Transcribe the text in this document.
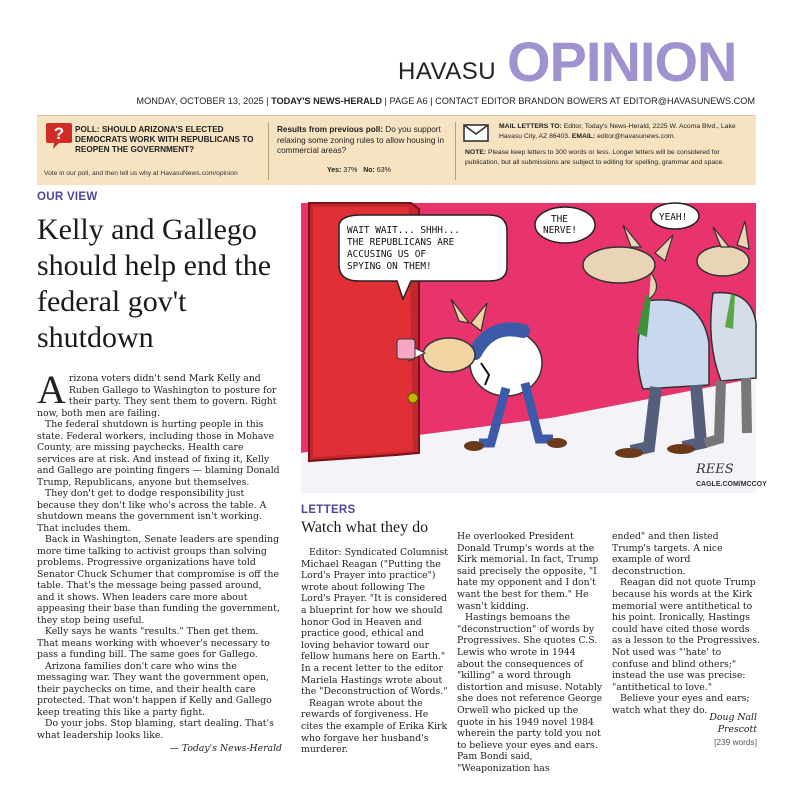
HAVASU OPINION
MONDAY, OCTOBER 13, 2025 | TODAY'S NEWS-HERALD | PAGE A6 | CONTACT EDITOR BRANDON BOWERS AT EDITOR@HAVASUNEWS.COM
? POLL: SHOULD ARIZONA'S ELECTED DEMOCRATS WORK WITH REPUBLICANS TO REOPEN THE GOVERNMENT?
Vote in our poll, and then tell us why at HavasuNews.com/opinion
Results from previous poll: Do you support relaxing some zoning rules to allow housing in commercial areas?
Yes: 37% No: 63%
MAIL LETTERS TO: Editor, Today's News-Herald, 2225 W. Acoma Blvd., Lake Havasu City, AZ 86403. EMAIL: editor@havasunews.com.
NOTE: Please keep letters to 300 words or less. Longer letters will be considered for publication, but all submissions are subject to editing for spelling, grammar and space.
OUR VIEW
Kelly and Gallego should help end the federal gov't shutdown

Arizona voters didn't send Mark Kelly and Ruben Gallego to Washington to posture for their party. They sent them to govern. Right now, both men are failing.

The federal shutdown is hurting people in this state. Federal workers, including those in Mohave County, are missing paychecks. Health care services are at risk. And instead of fixing it, Kelly and Gallego are pointing fingers — blaming Donald Trump, Republicans, anyone but themselves.

They don't get to dodge responsibility just because they don't like who's across the table. A shutdown means the government isn't working. That includes them.

Back in Washington, Senate leaders are spending more time talking to activist groups than solving problems. Progressive organizations have told Senator Chuck Schumer that compromise is off the table. That's the message being passed around, and it shows. When leaders care more about appeasing their base than funding the government, they stop being useful.

Kelly says he wants "results." Then get them. That means working with whoever's necessary to pass a funding bill. The same goes for Gallego.

Arizona families don't care who wins the messaging war. They want the government open, their paychecks on time, and their health care protected. That won't happen if Kelly and Gallego keep treating this like a party fight.

Do your jobs. Stop blaming, start dealing. That's what leadership looks like.

— Today's News-Herald
WAIT WAIT... SHHH... THE REPUBLICANS ARE ACCUSING US OF SPYING ON THEM!
THE NERVE!
YEAH!
REES
CAGLE.COM/MCCOY
LETTERS
Watch what they do

Editor: Syndicated Columnist Michael Reagan ("Putting the Lord's Prayer into practice") wrote about following The Lord's Prayer. "It is considered a blueprint for how we should honor God in Heaven and practice good, ethical and loving behavior toward our fellow humans here on Earth." In a recent letter to the editor Mariela Hastings wrote about the "Deconstruction of Words."

Reagan wrote about the rewards of forgiveness. He cites the example of Erika Kirk who forgave her husband's murderer.

He overlooked President Donald Trump's words at the Kirk memorial. In fact, Trump said precisely the opposite, "I hate my opponent and I don't want the best for them." He wasn't kidding.

Hastings bemoans the "deconstruction" of words by Progressives. She quotes C.S. Lewis who wrote in 1944 about the consequences of "killing" a word through distortion and misuse. Notably she does not reference George Orwell who picked up the quote in his 1949 novel 1984 wherein the party told you not to believe your eyes and ears. Pam Bondi said, "Weaponization has

ended" and then listed Trump's targets. A nice example of word deconstruction.

Reagan did not quote Trump because his words at the Kirk memorial were antithetical to his point. Ironically, Hastings could have cited those words as a lesson to the Progressives. Not used was "'hate' to confuse and blind others;" instead the use was precise: "antithetical to love."

Believe your eyes and ears; watch what they do.

Doug Nall
Prescott
[239 words]
